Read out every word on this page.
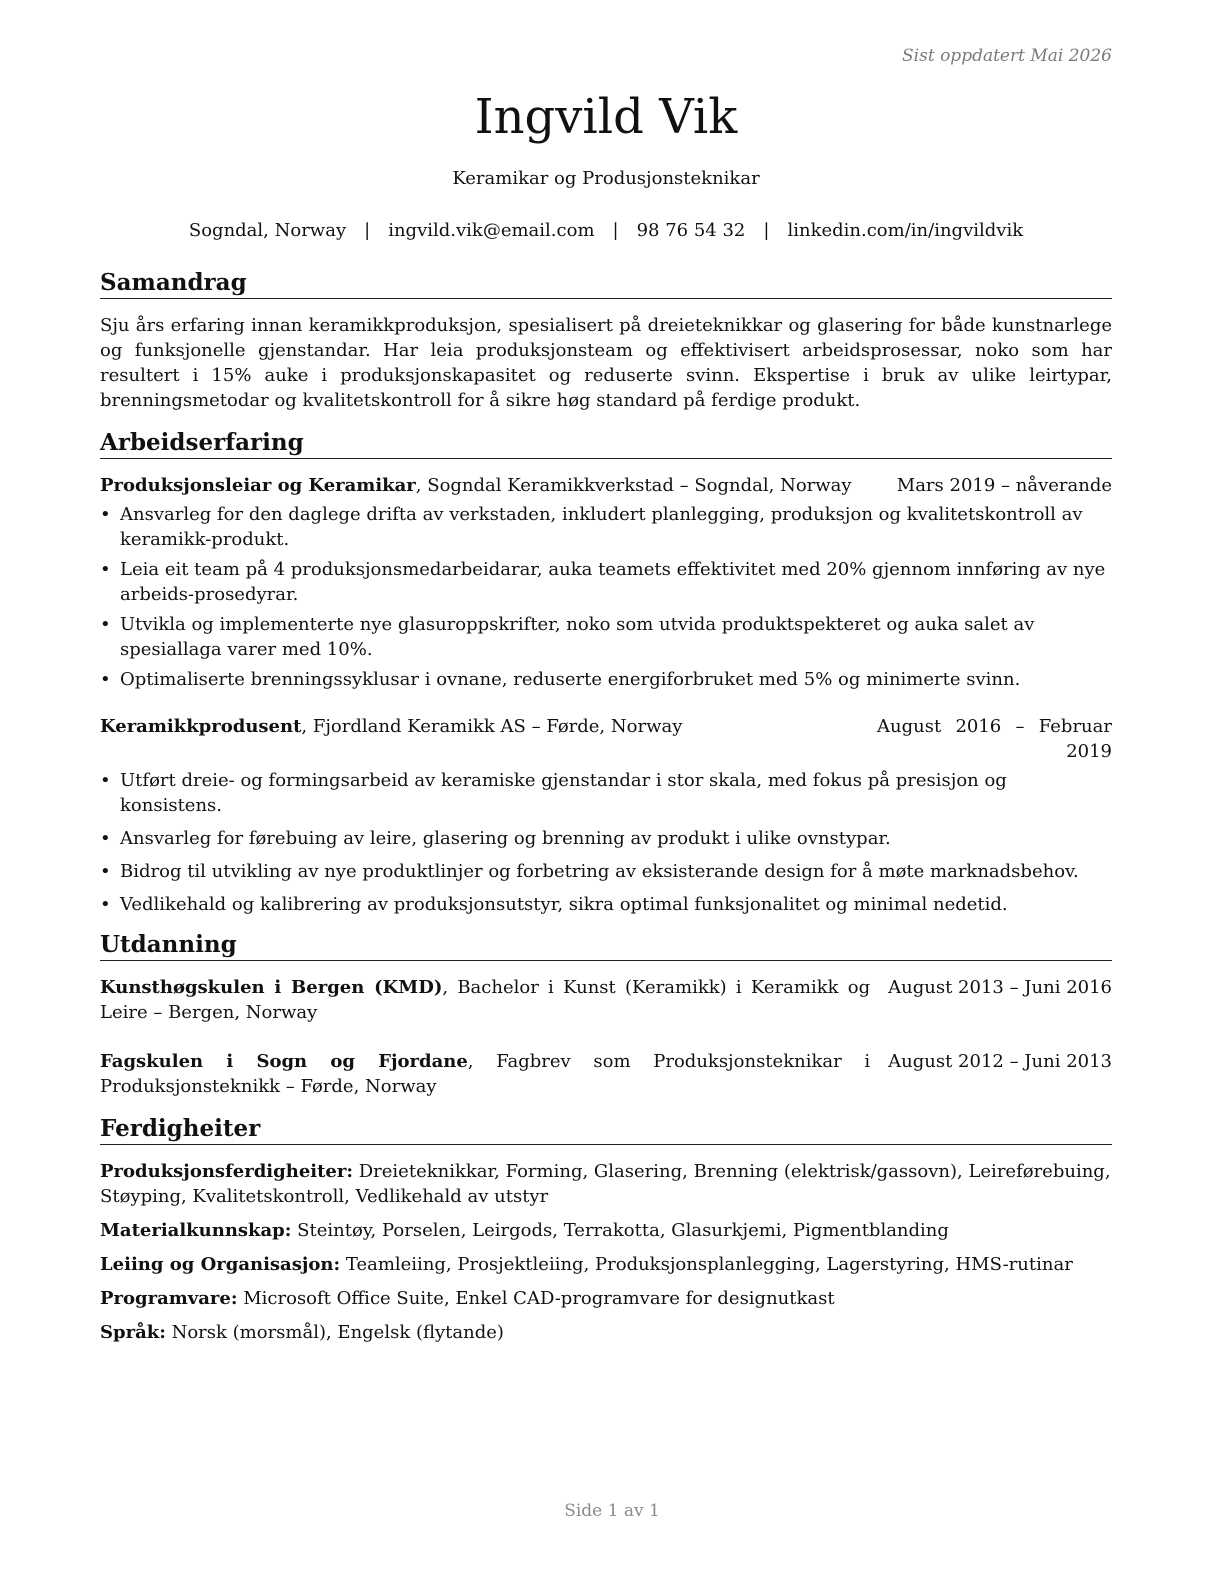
Sist oppdatert Mai 2026
Ingvild Vik
Keramikar og Produsjonsteknikar
Sogndal, Norway | ingvild.vik@email.com | 98 76 54 32 | linkedin.com/in/ingvildvik
Samandrag
Sju års erfaring innan keramikkproduksjon, spesialisert på dreieteknikkar og glasering for både kunstnarlege og funksjonelle gjenstandar. Har leia produksjonsteam og effektivisert arbeidsprosessar, noko som har resultert i 15% auke i produksjonskapasitet og reduserte svinn. Ekspertise i bruk av ulike leirtypar, brenningsmetodar og kvalitetskontroll for å sikre høg standard på ferdige produkt.
Arbeidserfaring
Produksjonsleiar og Keramikar, Sogndal Keramikkverkstad – Sogndal, Norway	Mars 2019 – nåverande
• Ansvarleg for den daglege drifta av verkstaden, inkludert planlegging, produksjon og kvalitetskontroll av keramikk-produkt.
• Leia eit team på 4 produksjonsmedarbeidarar, auka teamets effektivitet med 20% gjennom innføring av nye arbeids-prosedyrar.
• Utvikla og implementerte nye glasuroppskrifter, noko som utvida produktspekteret og auka salet av spesiallaga varer med 10%.
• Optimaliserte brenningssyklusar i ovnane, reduserte energiforbruket med 5% og minimerte svinn.
Keramikkprodusent, Fjordland Keramikk AS – Førde, Norway	August 2016 – Februar 2019
• Utført dreie- og formingsarbeid av keramiske gjenstandar i stor skala, med fokus på presisjon og konsistens.
• Ansvarleg for førebuing av leire, glasering og brenning av produkt i ulike ovnstypar.
• Bidrog til utvikling av nye produktlinjer og forbetring av eksisterande design for å møte marknadsbehov.
• Vedlikehald og kalibrering av produksjonsutstyr, sikra optimal funksjonalitet og minimal nedetid.
Utdanning
Kunsthøgskulen i Bergen (KMD), Bachelor i Kunst (Keramikk) i Keramikk og Leire – Bergen, Norway
August 2013 – Juni 2016
Fagskulen i Sogn og Fjordane, Fagbrev som Produksjonsteknikar i Produksjonsteknikk – Førde, Norway
August 2012 – Juni 2013
Ferdigheiter
Produksjonsferdigheiter: Dreieteknikkar, Forming, Glasering, Brenning (elektrisk/gassovn), Leireførebuing, Støyping, Kvalitetskontroll, Vedlikehald av utstyr
Materialkunnskap: Steintøy, Porselen, Leirgods, Terrakotta, Glasurkjemi, Pigmentblanding
Leiing og Organisasjon: Teamleiing, Prosjektleiing, Produksjonsplanlegging, Lagerstyring, HMS-rutinar
Programvare: Microsoft Office Suite, Enkel CAD-programvare for designutkast
Språk: Norsk (morsmål), Engelsk (flytande)
Side 1 av 1
